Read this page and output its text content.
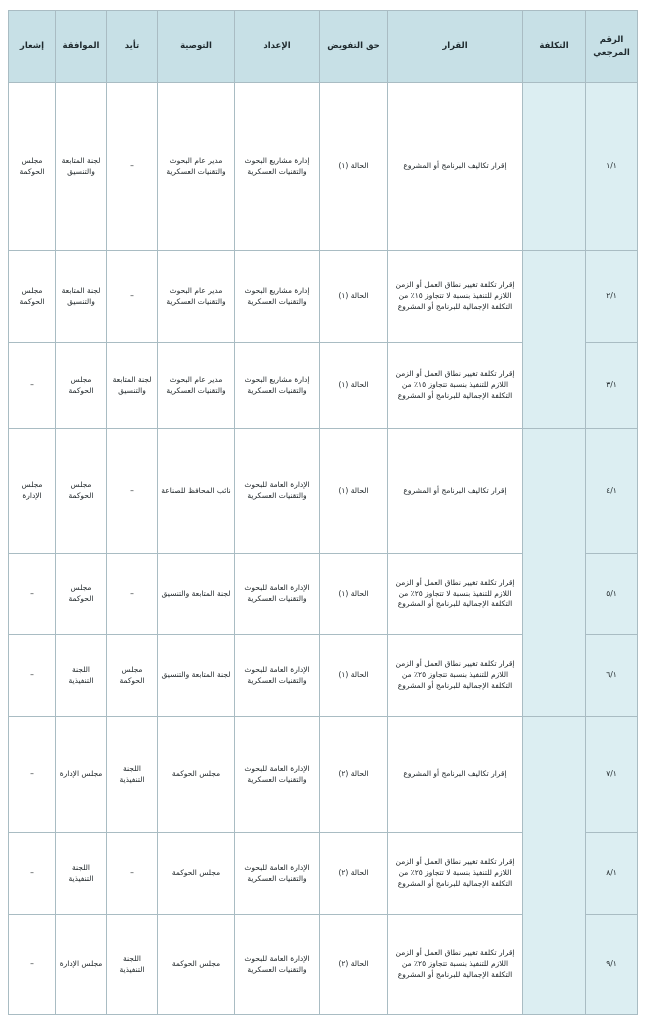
الرقم المرجعي	التكلفة	القرار	حق التفويض	الإعداد	التوصية	تأيد	الموافقة	إشعار
١/١		إقرار تكاليف البرنامج أو المشروع	الحالة (١)	إدارة مشاريع البحوث والتقنيات العسكرية	مدير عام البحوث والتقنيات العسكرية	–	لجنة المتابعة والتنسيق	مجلس الحوكمة
٢/١		إقرار تكلفة تغيير نطاق العمل أو الزمن اللازم للتنفيذ بنسبة لا تتجاوز ١٥٪ من التكلفة الإجمالية للبرنامج أو المشروع	الحالة (١)	إدارة مشاريع البحوث والتقنيات العسكرية	مدير عام البحوث والتقنيات العسكرية	–	لجنة المتابعة والتنسيق	مجلس الحوكمة
٣/١		إقرار تكلفة تغيير نطاق العمل أو الزمن اللازم للتنفيذ بنسبة تتجاوز ١٥٪ من التكلفة الإجمالية للبرنامج أو المشروع	الحالة (١)	إدارة مشاريع البحوث والتقنيات العسكرية	مدير عام البحوث والتقنيات العسكرية	لجنة المتابعة والتنسيق	مجلس الحوكمة	–
٤/١		إقرار تكاليف البرنامج أو المشروع	الحالة (١)	الإدارة العامة للبحوث والتقنيات العسكرية	نائب المحافظ للصناعة	–	مجلس الحوكمة	مجلس الإدارة
٥/١		إقرار تكلفة تغيير نطاق العمل أو الزمن اللازم للتنفيذ بنسبة لا تتجاوز ٢٥٪ من التكلفة الإجمالية للبرنامج أو المشروع	الحالة (١)	الإدارة العامة للبحوث والتقنيات العسكرية	لجنة المتابعة والتنسيق	–	مجلس الحوكمة	–
٦/١		إقرار تكلفة تغيير نطاق العمل أو الزمن اللازم للتنفيذ بنسبة تتجاوز ٢٥٪ من التكلفة الإجمالية للبرنامج أو المشروع	الحالة (١)	الإدارة العامة للبحوث والتقنيات العسكرية	لجنة المتابعة والتنسيق	مجلس الحوكمة	اللجنة التنفيذية	–
٧/١		إقرار تكاليف البرنامج أو المشروع	الحالة (٢)	الإدارة العامة للبحوث والتقنيات العسكرية	مجلس الحوكمة	اللجنة التنفيذية	مجلس الإدارة	–
٨/١		إقرار تكلفة تغيير نطاق العمل أو الزمن اللازم للتنفيذ بنسبة لا تتجاوز ٢٥٪ من التكلفة الإجمالية للبرنامج أو المشروع	الحالة (٢)	الإدارة العامة للبحوث والتقنيات العسكرية	مجلس الحوكمة	–	اللجنة التنفيذية	–
٩/١		إقرار تكلفة تغيير نطاق العمل أو الزمن اللازم للتنفيذ بنسبة تتجاوز ٢٥٪ من التكلفة الإجمالية للبرنامج أو المشروع	الحالة (٢)	الإدارة العامة للبحوث والتقنيات العسكرية	مجلس الحوكمة	اللجنة التنفيذية	مجلس الإدارة	–
